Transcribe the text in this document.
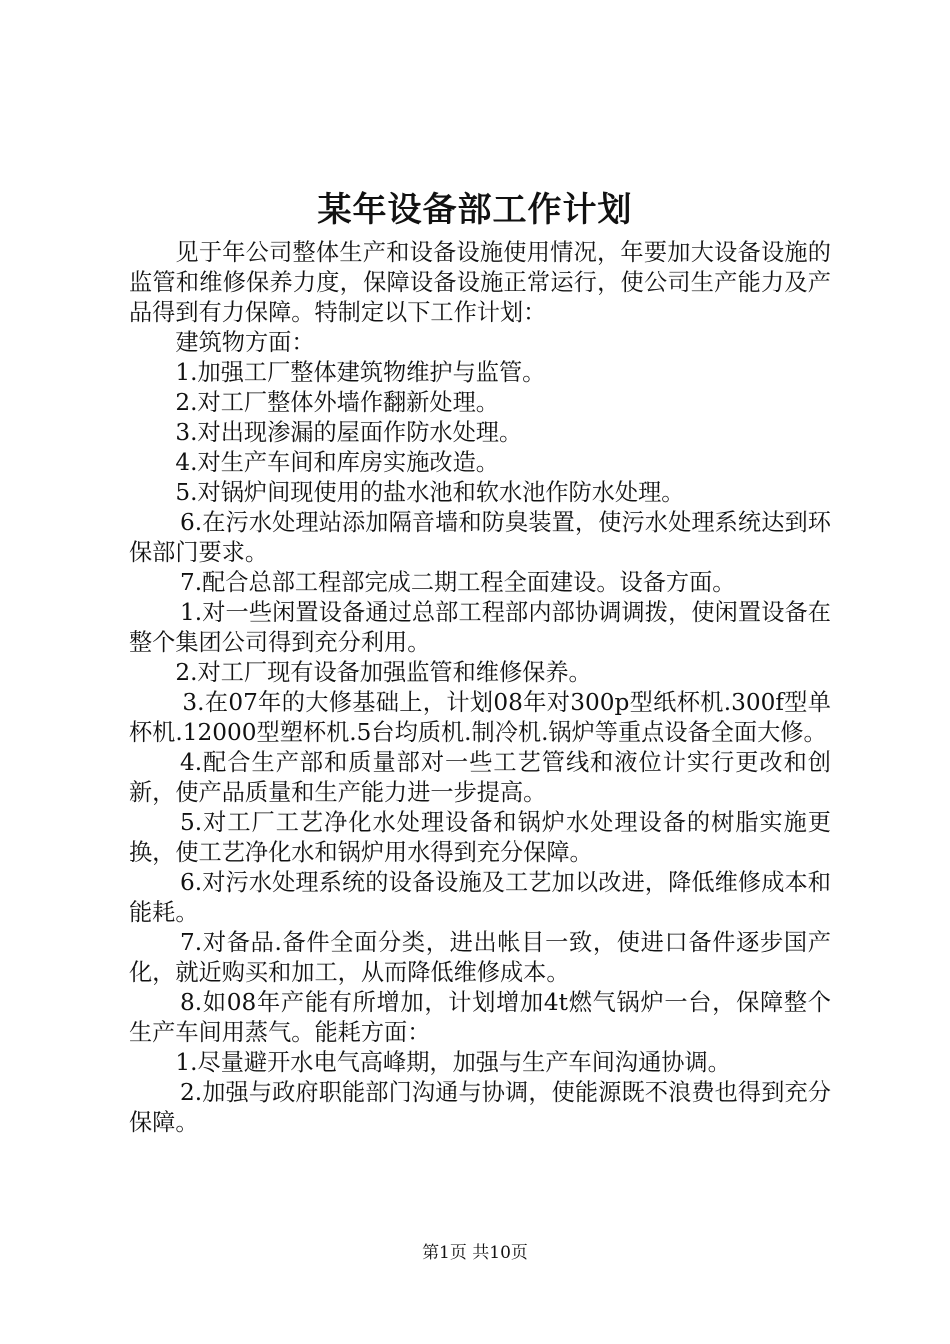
某年设备部工作计划

见于年公司整体生产和设备设施使用情况，年要加大设备设施的监管和维修保养力度，保障设备设施正常运行，使公司生产能力及产品得到有力保障。特制定以下工作计划：

建筑物方面：

1.加强工厂整体建筑物维护与监管。

2.对工厂整体外墙作翻新处理。

3.对出现渗漏的屋面作防水处理。

4.对生产车间和库房实施改造。

5.对锅炉间现使用的盐水池和软水池作防水处理。

6.在污水处理站添加隔音墙和防臭装置，使污水处理系统达到环保部门要求。

7.配合总部工程部完成二期工程全面建设。设备方面。

1.对一些闲置设备通过总部工程部内部协调调拨，使闲置设备在整个集团公司得到充分利用。

2.对工厂现有设备加强监管和维修保养。

3.在07年的大修基础上，计划08年对300p型纸杯机.300f型单杯机.12000型塑杯机.5台均质机.制冷机.锅炉等重点设备全面大修。

4.配合生产部和质量部对一些工艺管线和液位计实行更改和创新，使产品质量和生产能力进一步提高。

5.对工厂工艺净化水处理设备和锅炉水处理设备的树脂实施更换，使工艺净化水和锅炉用水得到充分保障。

6.对污水处理系统的设备设施及工艺加以改进，降低维修成本和能耗。

7.对备品.备件全面分类，进出帐目一致，使进口备件逐步国产化，就近购买和加工，从而降低维修成本。

8.如08年产能有所增加，计划增加4t燃气锅炉一台，保障整个生产车间用蒸气。能耗方面：

1.尽量避开水电气高峰期，加强与生产车间沟通协调。

2.加强与政府职能部门沟通与协调，使能源既不浪费也得到充分保障。

第1页 共10页
